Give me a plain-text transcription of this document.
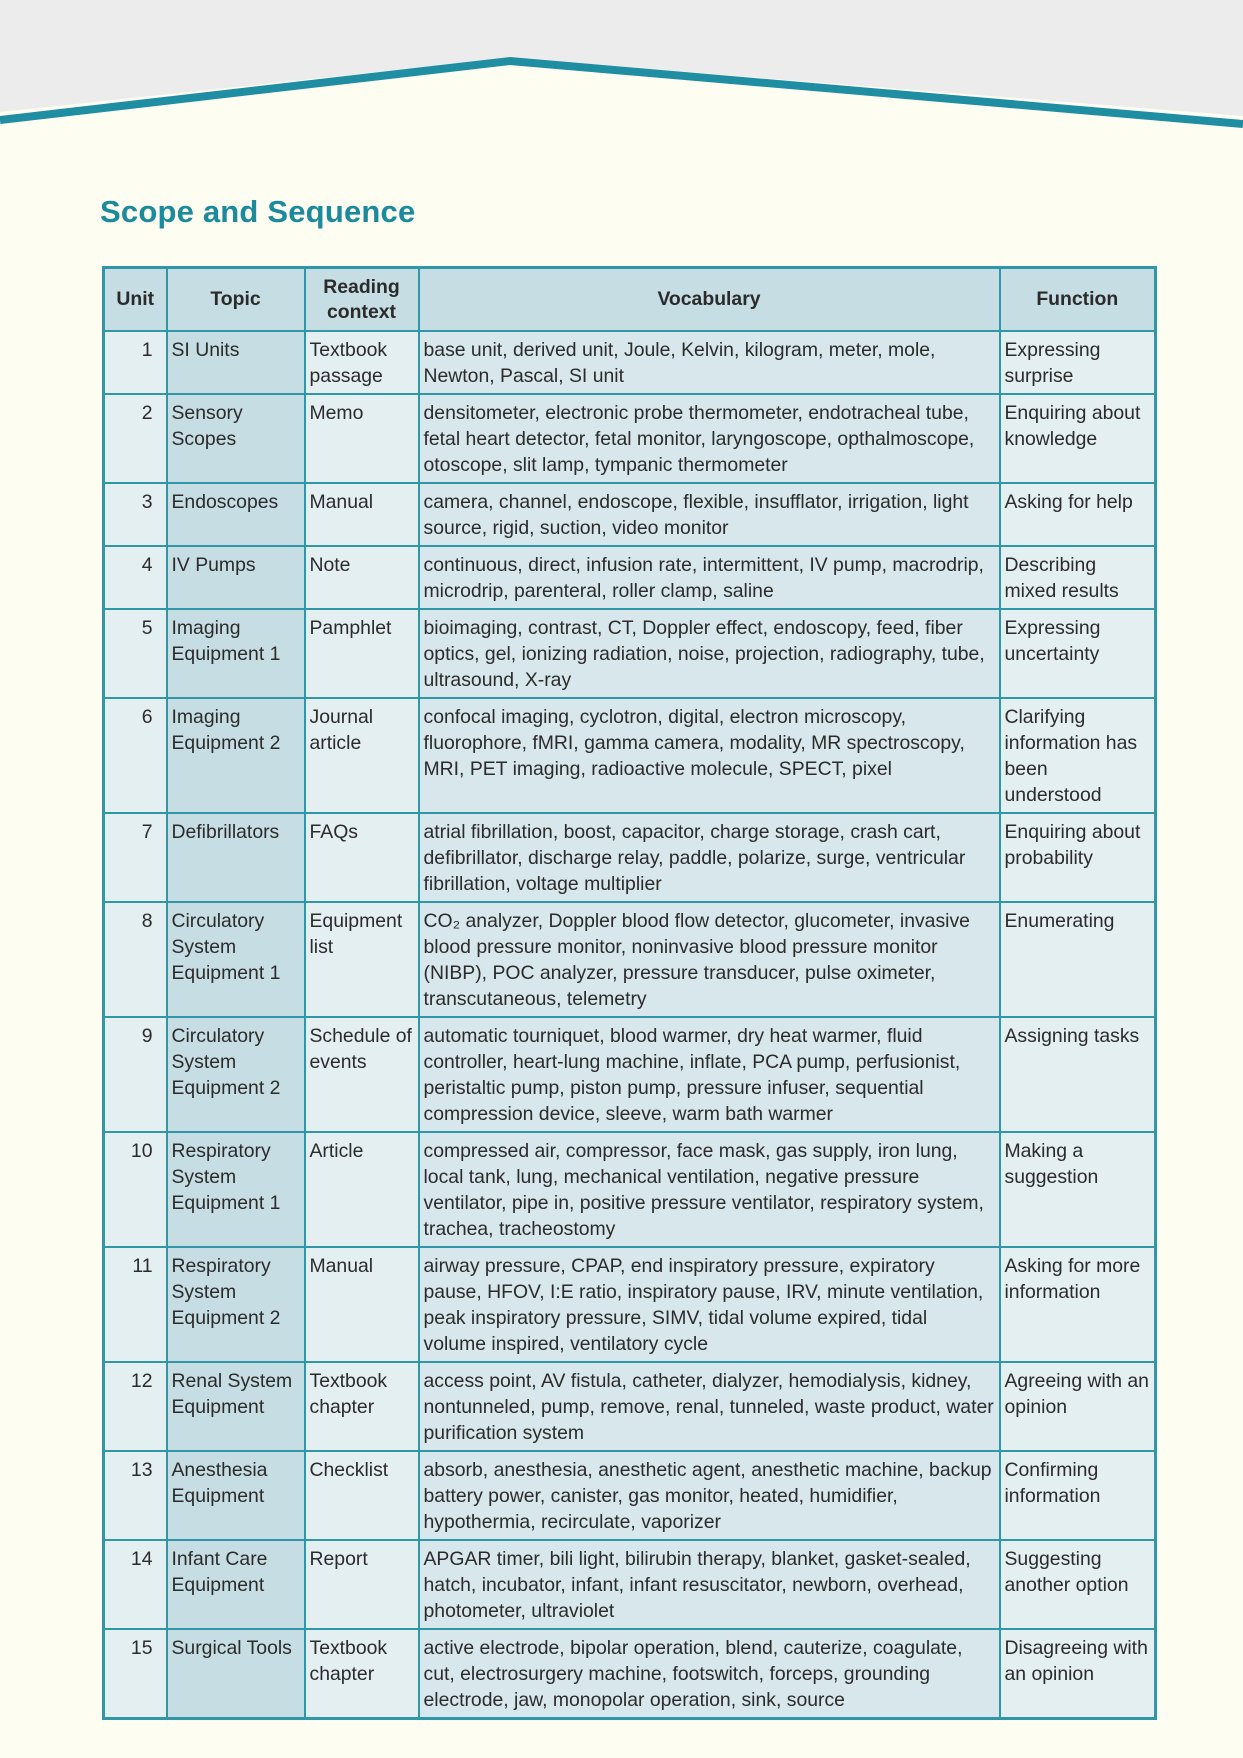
Scope and Sequence
Unit	Topic	Reading context	Vocabulary	Function
1	SI Units	Textbook passage	base unit, derived unit, Joule, Kelvin, kilogram, meter, mole, Newton, Pascal, SI unit	Expressing surprise
2	Sensory Scopes	Memo	densitometer, electronic probe thermometer, endotracheal tube, fetal heart detector, fetal monitor, laryngoscope, opthalmoscope, otoscope, slit lamp, tympanic thermometer	Enquiring about knowledge
3	Endoscopes	Manual	camera, channel, endoscope, flexible, insufflator, irrigation, light source, rigid, suction, video monitor	Asking for help
4	IV Pumps	Note	continuous, direct, infusion rate, intermittent, IV pump, macrodrip, microdrip, parenteral, roller clamp, saline	Describing mixed results
5	Imaging Equipment 1	Pamphlet	bioimaging, contrast, CT, Doppler effect, endoscopy, feed, fiber optics, gel, ionizing radiation, noise, projection, radiography, tube, ultrasound, X-ray	Expressing uncertainty
6	Imaging Equipment 2	Journal article	confocal imaging, cyclotron, digital, electron microscopy, fluorophore, fMRI, gamma camera, modality, MR spectroscopy, MRI, PET imaging, radioactive molecule, SPECT, pixel	Clarifying information has been understood
7	Defibrillators	FAQs	atrial fibrillation, boost, capacitor, charge storage, crash cart, defibrillator, discharge relay, paddle, polarize, surge, ventricular fibrillation, voltage multiplier	Enquiring about probability
8	Circulatory System Equipment 1	Equipment list	CO₂ analyzer, Doppler blood flow detector, glucometer, invasive blood pressure monitor, noninvasive blood pressure monitor (NIBP), POC analyzer, pressure transducer, pulse oximeter, transcutaneous, telemetry	Enumerating
9	Circulatory System Equipment 2	Schedule of events	automatic tourniquet, blood warmer, dry heat warmer, fluid controller, heart-lung machine, inflate, PCA pump, perfusionist, peristaltic pump, piston pump, pressure infuser, sequential compression device, sleeve, warm bath warmer	Assigning tasks
10	Respiratory System Equipment 1	Article	compressed air, compressor, face mask, gas supply, iron lung, local tank, lung, mechanical ventilation, negative pressure ventilator, pipe in, positive pressure ventilator, respiratory system, trachea, tracheostomy	Making a suggestion
11	Respiratory System Equipment 2	Manual	airway pressure, CPAP, end inspiratory pressure, expiratory pause, HFOV, I:E ratio, inspiratory pause, IRV, minute ventilation, peak inspiratory pressure, SIMV, tidal volume expired, tidal volume inspired, ventilatory cycle	Asking for more information
12	Renal System Equipment	Textbook chapter	access point, AV fistula, catheter, dialyzer, hemodialysis, kidney, nontunneled, pump, remove, renal, tunneled, waste product, water purification system	Agreeing with an opinion
13	Anesthesia Equipment	Checklist	absorb, anesthesia, anesthetic agent, anesthetic machine, backup battery power, canister, gas monitor, heated, humidifier, hypothermia, recirculate, vaporizer	Confirming information
14	Infant Care Equipment	Report	APGAR timer, bili light, bilirubin therapy, blanket, gasket-sealed, hatch, incubator, infant, infant resuscitator, newborn, overhead, photometer, ultraviolet	Suggesting another option
15	Surgical Tools	Textbook chapter	active electrode, bipolar operation, blend, cauterize, coagulate, cut, electrosurgery machine, footswitch, forceps, grounding electrode, jaw, monopolar operation, sink, source	Disagreeing with an opinion
